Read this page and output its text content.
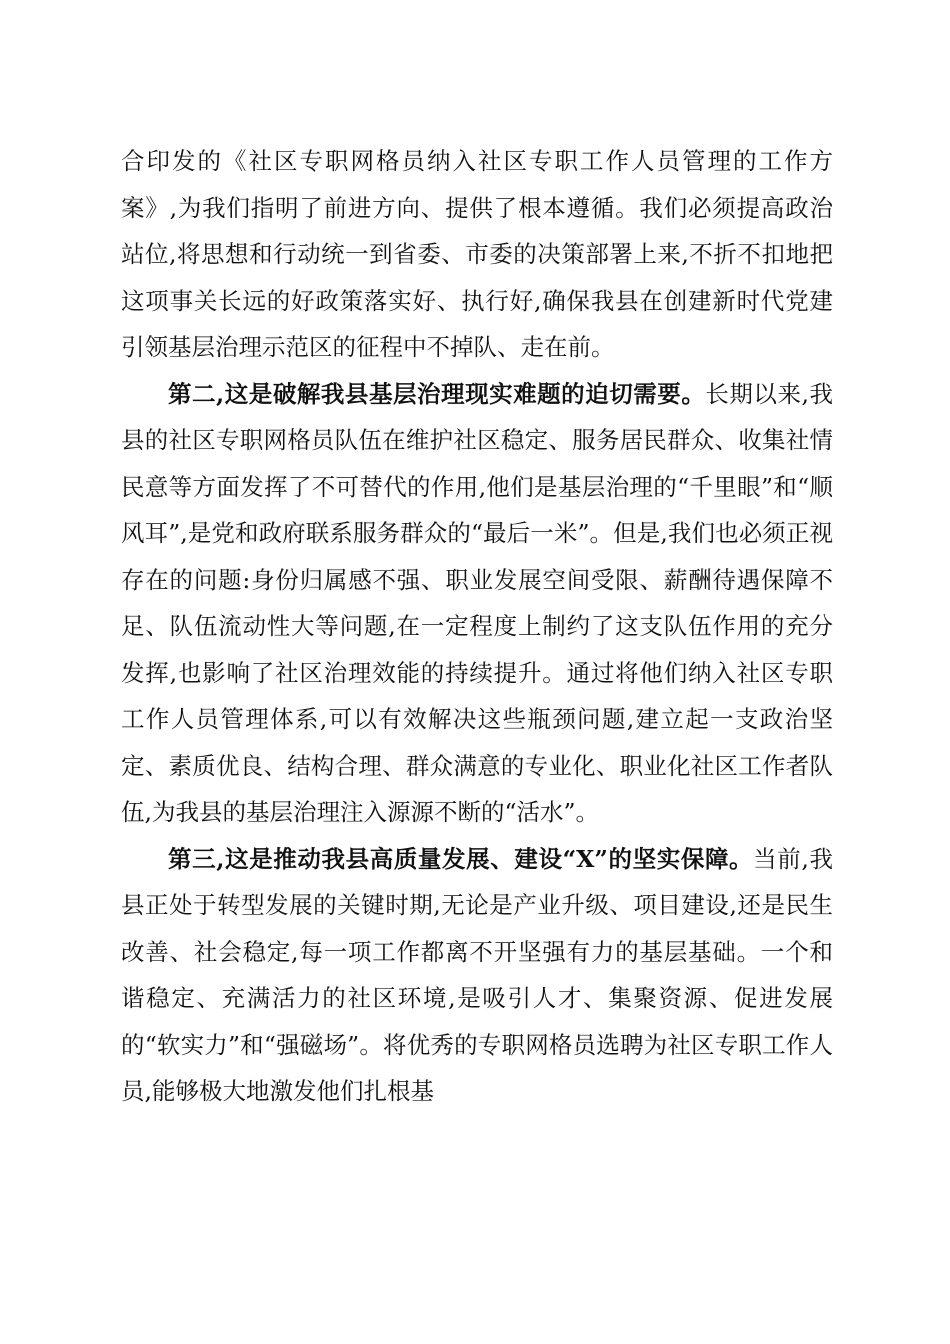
合印发的《社区专职网格员纳入社区专职工作人员管理的工作方案》,为我们指明了前进方向、提供了根本遵循。我们必须提高政治站位,将思想和行动统一到省委、市委的决策部署上来,不折不扣地把这项事关长远的好政策落实好、执行好,确保我县在创建新时代党建引领基层治理示范区的征程中不掉队、走在前。

第二,这是破解我县基层治理现实难题的迫切需要。长期以来,我县的社区专职网格员队伍在维护社区稳定、服务居民群众、收集社情民意等方面发挥了不可替代的作用,他们是基层治理的“千里眼”和“顺风耳”,是党和政府联系服务群众的“最后一米”。但是,我们也必须正视存在的问题:身份归属感不强、职业发展空间受限、薪酬待遇保障不足、队伍流动性大等问题,在一定程度上制约了这支队伍作用的充分发挥,也影响了社区治理效能的持续提升。通过将他们纳入社区专职工作人员管理体系,可以有效解决这些瓶颈问题,建立起一支政治坚定、素质优良、结构合理、群众满意的专业化、职业化社区工作者队伍,为我县的基层治理注入源源不断的“活水”。

第三,这是推动我县高质量发展、建设“X”的坚实保障。当前,我县正处于转型发展的关键时期,无论是产业升级、项目建设,还是民生改善、社会稳定,每一项工作都离不开坚强有力的基层基础。一个和谐稳定、充满活力的社区环境,是吸引人才、集聚资源、促进发展的“软实力”和“强磁场”。将优秀的专职网格员选聘为社区专职工作人员,能够极大地激发他们扎根基
